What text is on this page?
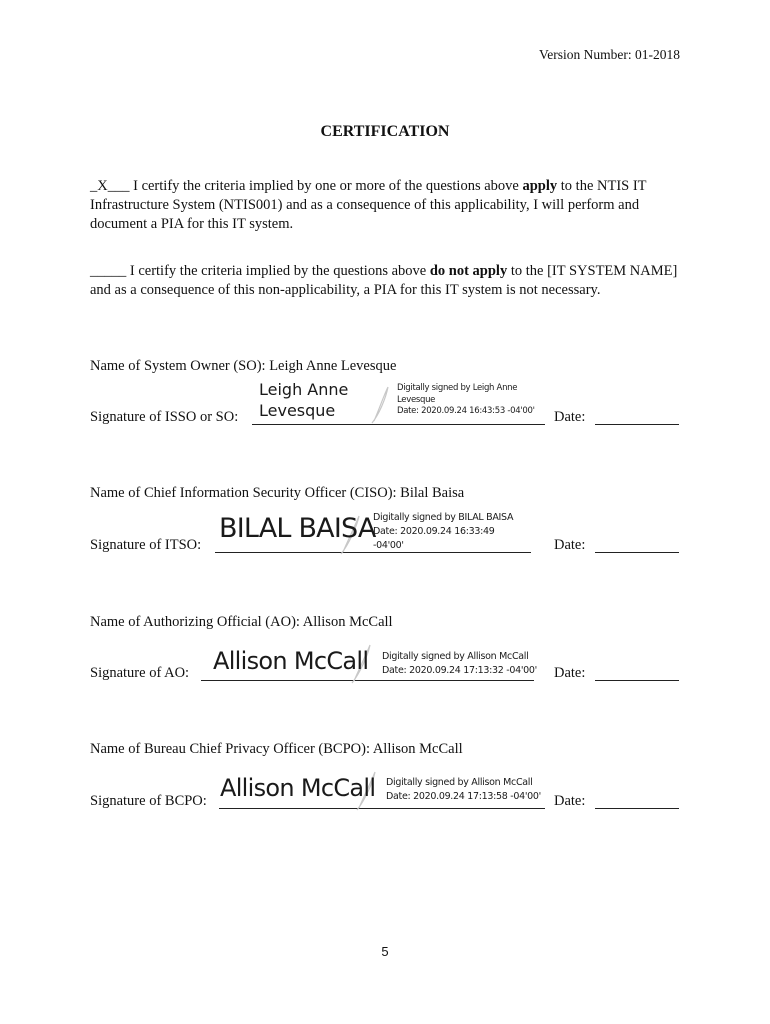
Version Number: 01-2018
CERTIFICATION
_X___ I certify the criteria implied by one or more of the questions above apply to the NTIS IT Infrastructure System (NTIS001) and as a consequence of this applicability, I will perform and document a PIA for this IT system.
_____ I certify the criteria implied by the questions above do not apply to the [IT SYSTEM NAME] and as a consequence of this non-applicability, a PIA for this IT system is not necessary.
Name of System Owner (SO): Leigh Anne Levesque
Signature of ISSO or SO:
Leigh Anne
Levesque
Digitally signed by Leigh Anne
Levesque
Date: 2020.09.24 16:43:53 -04'00' Date:
Name of Chief Information Security Officer (CISO): Bilal Baisa
Signature of ITSO:
BILAL BAISA
Digitally signed by BILAL BAISA
Date: 2020.09.24 16:33:49
-04'00'	Date:
Name of Authorizing Official (AO): Allison McCall
Signature of AO: Allison McCall Digitally signed by Allison McCall
Date: 2020.09.24 17:13:32 -04'00' Date:
Name of Bureau Chief Privacy Officer (BCPO): Allison McCall
Signature of BCPO: Allison McCall Digitally signed by Allison McCall
Date: 2020.09.24 17:13:58 -04'00' Date:
5
